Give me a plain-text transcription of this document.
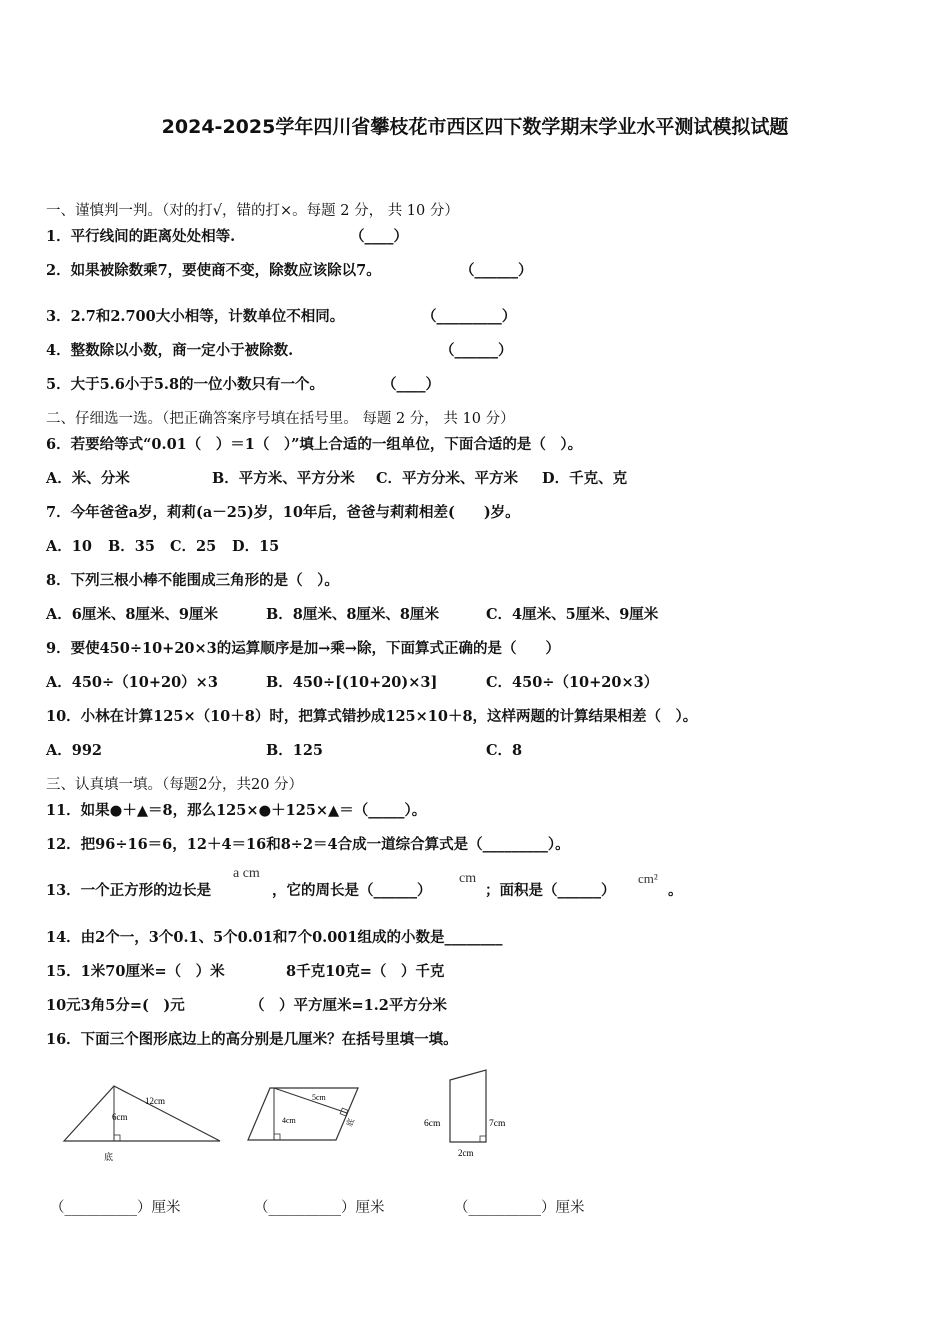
2024-2025学年四川省攀枝花市西区四下数学期末学业水平测试模拟试题
一、谨慎判一判。（对的打√，错的打×。每题 2 分， 共 10 分）
1．平行线间的距离处处相等.	（____）
2．如果被除数乘7，要使商不变，除数应该除以7。	（______）
3．2.7和2.700大小相等，计数单位不相同。	（_________）
4．整数除以小数，商一定小于被除数.	（______）
5．大于5.6小于5.8的一位小数只有一个。	（____）
二、仔细选一选。（把正确答案序号填在括号里。 每题 2 分， 共 10 分）
6．若要给等式“0.01（　）＝1（　）”填上合适的一组单位，下面合适的是（　）。
A．米、分米	B．平方米、平方分米 C．平方分米、平方米 D．千克、克
7．今年爸爸a岁，莉莉(a－25)岁，10年后，爸爸与莉莉相差(　　)岁。
A．10 B．35 C．25 D．15
8．下列三根小棒不能围成三角形的是（　）。
A．6厘米、8厘米、9厘米	B．8厘米、8厘米、8厘米	C．4厘米、5厘米、9厘米
9．要使450÷10+20×3的运算顺序是加→乘→除，下面算式正确的是（　　）
A．450÷（10+20）×3	B．450÷[(10+20)×3]	C．450÷（10+20×3）
10．小林在计算125×（10＋8）时，把算式错抄成125×10＋8，这样两题的计算结果相差（　）。
A．992	B．125	C．8
三、认真填一填。（每题2分，共20 分）
11．如果●＋▲＝8，那么125×●＋125×▲＝（_____）。
12．把96÷16＝6，12＋4＝16和8÷2＝4合成一道综合算式是（_________）。
13．一个正方形的边长是
a cm
，它的周长是（______）
cm
；面积是（______）
cm²
。
14．由2个一，3个0.1、5个0.01和7个0.001组成的小数是________
15．1米70厘米=（　）米	8千克10克=（　）千克
10元3角5分=(　)元	（　）平方厘米=1.2平方分米
16．下面三个图形底边上的高分别是几厘米？在括号里填一填。
6cm
12cm
底
4cm
5cm
底	6cm	7cm
2cm
（__________）厘米	（__________）厘米	（__________）厘米
